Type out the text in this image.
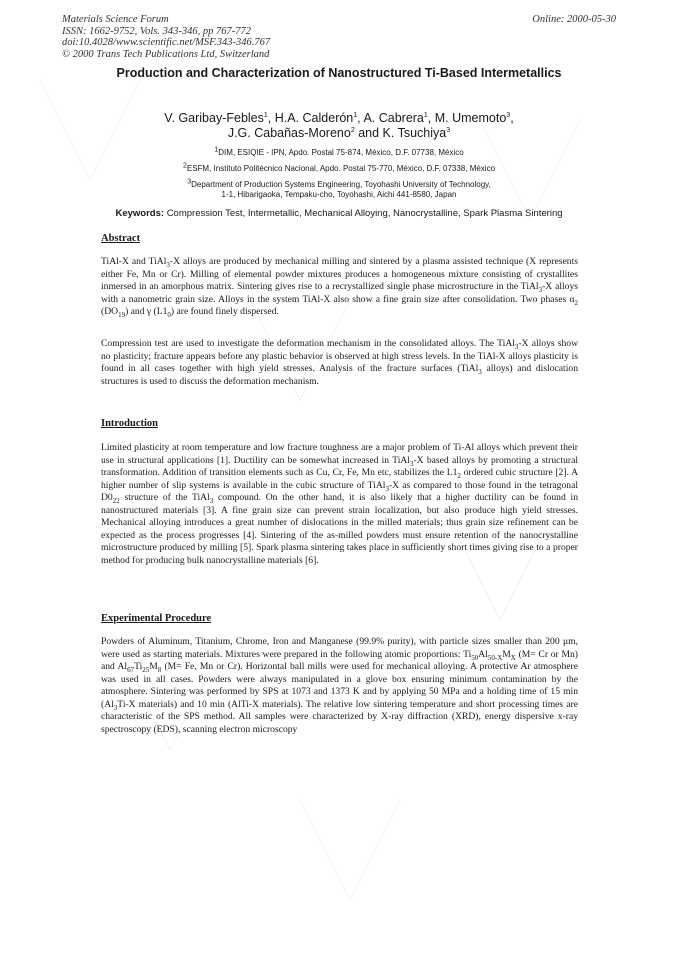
Materials Science Forum
ISSN: 1662-9752, Vols. 343-346, pp 767-772
doi:10.4028/www.scientific.net/MSF.343-346.767
© 2000 Trans Tech Publications Ltd, Switzerland
Online: 2000-05-30
Production and Characterization of Nanostructured Ti-Based Intermetallics
V. Garibay-Febles$^1$, H.A. Calderón$^1$, A. Cabrera$^1$, M. Umemoto$^3$,
J.G. Cabañas-Moreno$^2$ and K. Tsuchiya$^3$
$^1$DIM, ESIQIE - IPN, Apdo. Postal 75-874, México, D.F. 07738, México
$^2$ESFM, Instituto Politécnico Nacional, Apdo. Postal 75-770, México, D.F. 07338, México
$^3$Department of Production Systems Engineering, Toyohashi University of Technology,
1-1, Hibarigaoka, Tempaku-cho, Toyohashi, Aichi 441-8580, Japan
Keywords: Compression Test, Intermetallic, Mechanical Alloying, Nanocrystalline, Spark Plasma Sintering
Abstract

TiAl-X and TiAl$_3$-X alloys are produced by mechanical milling and sintered by a plasma assisted technique (X represents either Fe, Mn or Cr). Milling of elemental powder mixtures produces a homogeneous mixture consisting of crystallites inmersed in an amorphous matrix. Sintering gives rise to a recrystallized single phase microstructure in the TiAl$_3$-X alloys with a nanometric grain size. Alloys in the system TiAl-X also show a fine grain size after consolidation. Two phases $\alpha_2$ $(DO_{19})$ and γ $(L1_0)$ are found finely dispersed.

Compression test are used to investigate the deformation mechanism in the consolidated alloys. The TiAl$_3$-X alloys show no plasticity; fracture appears before any plastic behavior is observed at high stress levels. In the TiAl-X alloys plasticity is found in all cases together with high yield stresses. Analysis of the fracture surfaces (TiAl$_3$ alloys) and dislocation structures is used to discuss the deformation mechanism.

Introduction

Limited plasticity at room temperature and low fracture toughness are a major problem of Ti-Al alloys which prevent their use in structural applications [1]. Ductility can be somewhat increased in TiAl$_3$-X based alloys by promoting a structural transformation. Addition of transition elements such as Cu, Cr, Fe, Mn etc, stabilizes the $L1_2$ ordered cubic structure [2]. A higher number of slip systems is available in the cubic structure of TiAl$_3$-X as compared to those found in the tetragonal $D0_{22}$ structure of the TiAl$_3$ compound. On the other hand, it is also likely that a higher ductility can be found in nanostructured materials [3]. A fine grain size can prevent strain localization, but also produce high yield stresses. Mechanical alloying introduces a great number of dislocations in the milled materials; thus grain size refinement can be expected as the process progresses [4]. Sintering of the as-milled powders must ensure retention of the nanocrystalline microstructure produced by milling [5]. Spark plasma sintering takes place in sufficiently short times giving rise to a proper method for producing bulk nanocrystalline materials [6].

Experimental Procedure

Powders of Aluminum, Titanium, Chrome, Iron and Manganese (99.9% purity), with particle sizes smaller than 200 μm, were used as starting materials. Mixtures were prepared in the following atomic proportions: $Ti_{50}Al_{50-X}M_X$ (M= Cr or Mn) and $Al_{67}Ti_{25}M_8$ (M= Fe, Mn or Cr). Horizontal ball mills were used for mechanical alloying. A protective Ar atmosphere was used in all cases. Powders were always manipulated in a glove box ensuring minimum contamination by the atmosphere. Sintering was performed by SPS at 1073 and 1373 K and by applying 50 MPa and a holding time of 15 $\min (Al_3Ti-X$ materials) and 10 min (AlTi-X materials). The relative low sintering temperature and short processing times are characteristic of the SPS method. All samples were characterized by X-ray diffraction (XRD), energy dispersive x-ray spectroscopy (EDS), scanning electron microscopy
